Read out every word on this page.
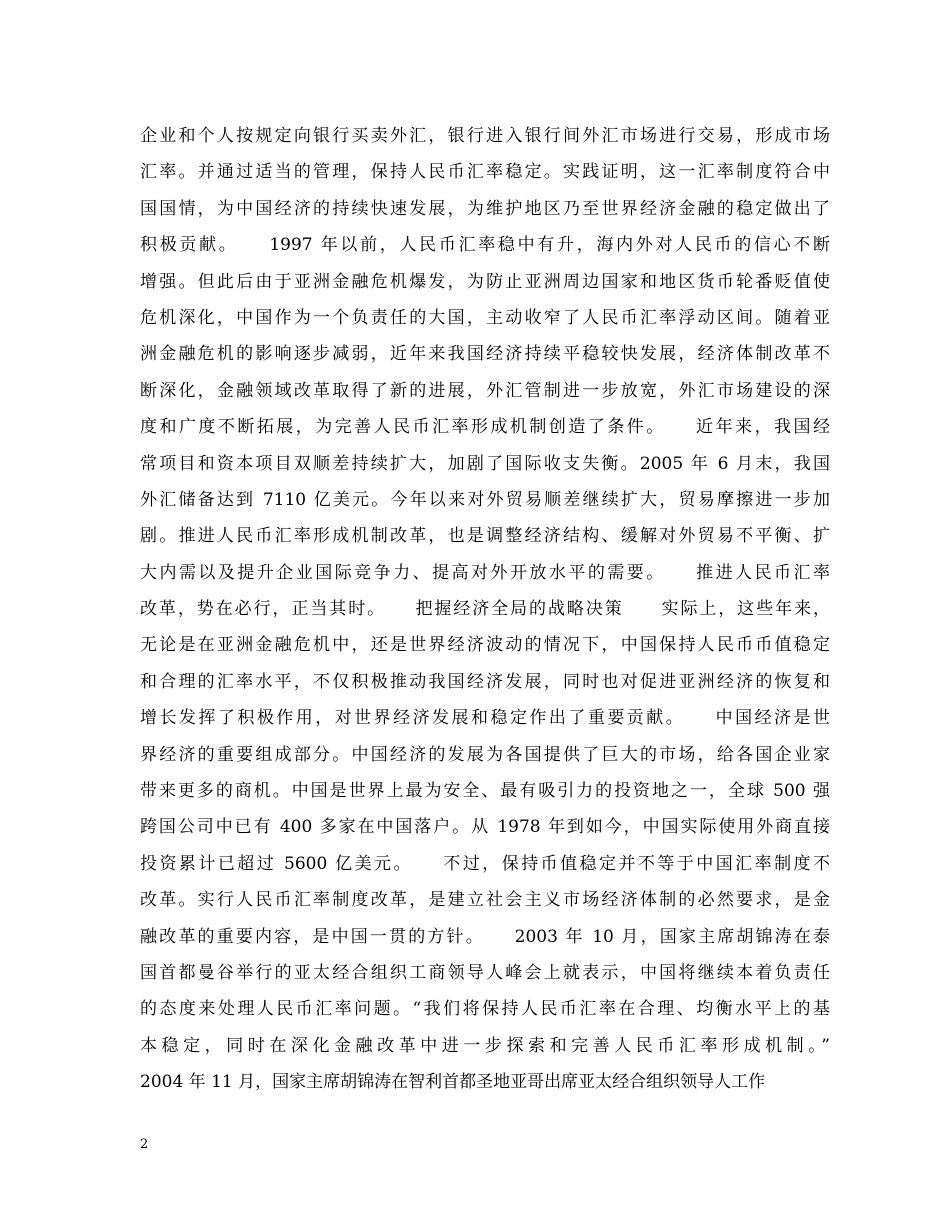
企业和个人按规定向银行买卖外汇，银行进入银行间外汇市场进行交易，形成市场
汇率。并通过适当的管理，保持人民币汇率稳定。实践证明，这一汇率制度符合中
国国情，为中国经济的持续快速发展，为维护地区乃至世界经济金融的稳定做出了
积极贡献。　　1997 年以前，人民币汇率稳中有升，海内外对人民币的信心不断
增强。但此后由于亚洲金融危机爆发，为防止亚洲周边国家和地区货币轮番贬值使
危机深化，中国作为一个负责任的大国，主动收窄了人民币汇率浮动区间。随着亚
洲金融危机的影响逐步减弱，近年来我国经济持续平稳较快发展，经济体制改革不
断深化，金融领域改革取得了新的进展，外汇管制进一步放宽，外汇市场建设的深
度和广度不断拓展，为完善人民币汇率形成机制创造了条件。　　近年来，我国经
常项目和资本项目双顺差持续扩大，加剧了国际收支失衡。2005 年 6 月末，我国
外汇储备达到 7110 亿美元。今年以来对外贸易顺差继续扩大，贸易摩擦进一步加
剧。推进人民币汇率形成机制改革，也是调整经济结构、缓解对外贸易不平衡、扩
大内需以及提升企业国际竞争力、提高对外开放水平的需要。　　推进人民币汇率
改革，势在必行，正当其时。　　把握经济全局的战略决策　　实际上，这些年来，
无论是在亚洲金融危机中，还是世界经济波动的情况下，中国保持人民币币值稳定
和合理的汇率水平，不仅积极推动我国经济发展，同时也对促进亚洲经济的恢复和
增长发挥了积极作用，对世界经济发展和稳定作出了重要贡献。　　中国经济是世
界经济的重要组成部分。中国经济的发展为各国提供了巨大的市场，给各国企业家
带来更多的商机。中国是世界上最为安全、最有吸引力的投资地之一，全球 500 强
跨国公司中已有 400 多家在中国落户。从 1978 年到如今，中国实际使用外商直接
投资累计已超过 5600 亿美元。　　不过，保持币值稳定并不等于中国汇率制度不
改革。实行人民币汇率制度改革，是建立社会主义市场经济体制的必然要求，是金
融改革的重要内容，是中国一贯的方针。　　2003 年 10 月，国家主席胡锦涛在泰
国首都曼谷举行的亚太经合组织工商领导人峰会上就表示，中国将继续本着负责任
的态度来处理人民币汇率问题。“我们将保持人民币汇率在合理、均衡水平上的基
本稳定，同时在深化金融改革中进一步探索和完善人民币汇率形成机制。”
2004 年 11 月，国家主席胡锦涛在智利首都圣地亚哥出席亚太经合组织领导人工作
2
